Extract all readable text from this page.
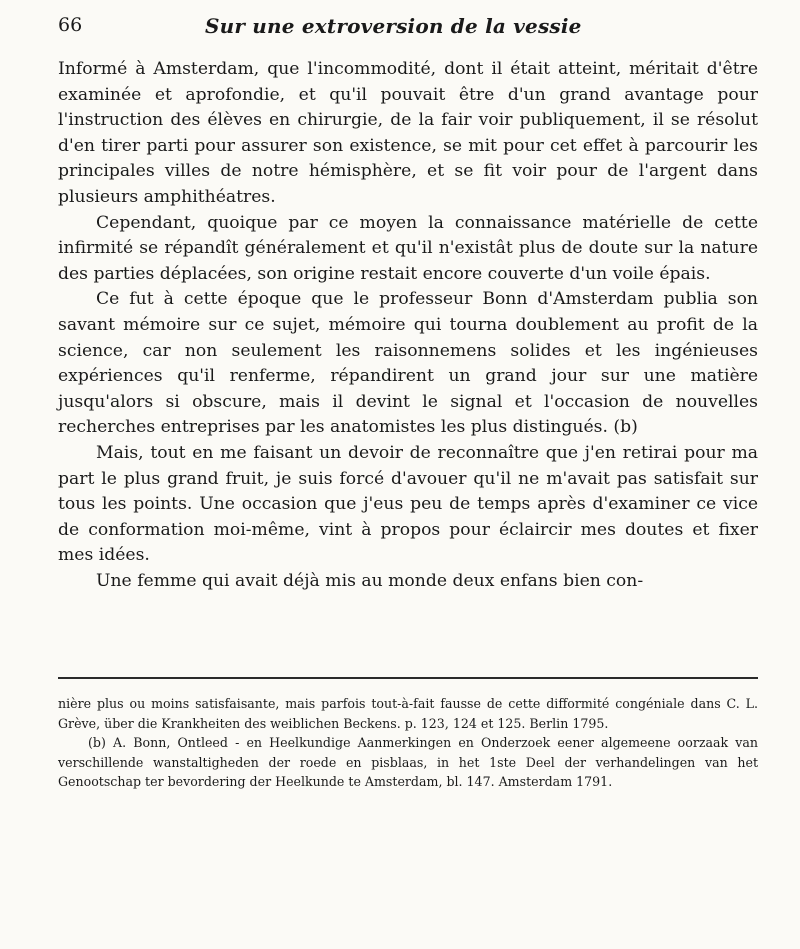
66	Sur une extroversion de la vessie

Informé à Amsterdam, que l'incommodité, dont il était atteint, méritait d'être examinée et aprofondie, et qu'il pouvait être d'un grand avantage pour l'instruction des élèves en chirurgie, de la fair voir publiquement, il se résolut d'en tirer parti pour assurer son existence, se mit pour cet effet à parcourir les principales villes de notre hémisphère, et se fit voir pour de l'argent dans plusieurs amphithéatres.

Cependant, quoique par ce moyen la connaissance matérielle de cette infirmité se répandît généralement et qu'il n'existât plus de doute sur la nature des parties déplacées, son origine restait encore couverte d'un voile épais.

Ce fut à cette époque que le professeur Bonn d'Amsterdam publia son savant mémoire sur ce sujet, mémoire qui tourna doublement au profit de la science, car non seulement les raisonnemens solides et les ingénieuses expériences qu'il renferme, répandirent un grand jour sur une matière jusqu'alors si obscure, mais il devint le signal et l'occasion de nouvelles recherches entreprises par les anatomistes les plus distingués. (b)

Mais, tout en me faisant un devoir de reconnaître que j'en retirai pour ma part le plus grand fruit, je suis forcé d'avouer qu'il ne m'avait pas satisfait sur tous les points. Une occasion que j'eus peu de temps après d'examiner ce vice de conformation moi-même, vint à propos pour éclaircir mes doutes et fixer mes idées.

Une femme qui avait déjà mis au monde deux enfans bien con-

nière plus ou moins satisfaisante, mais parfois tout-à-fait fausse de cette difformité congéniale dans C. L. Grève, über die Krankheiten des weiblichen Beckens. p. 123, 124 et 125. Berlin 1795.

(b) A. Bonn, Ontleed - en Heelkundige Aanmerkingen en Onderzoek eener algemeene oorzaak van verschillende wanstaltigheden der roede en pisblaas, in het 1ste Deel der verhandelingen van het Genootschap ter bevordering der Heelkunde te Amsterdam, bl. 147. Amsterdam 1791.
